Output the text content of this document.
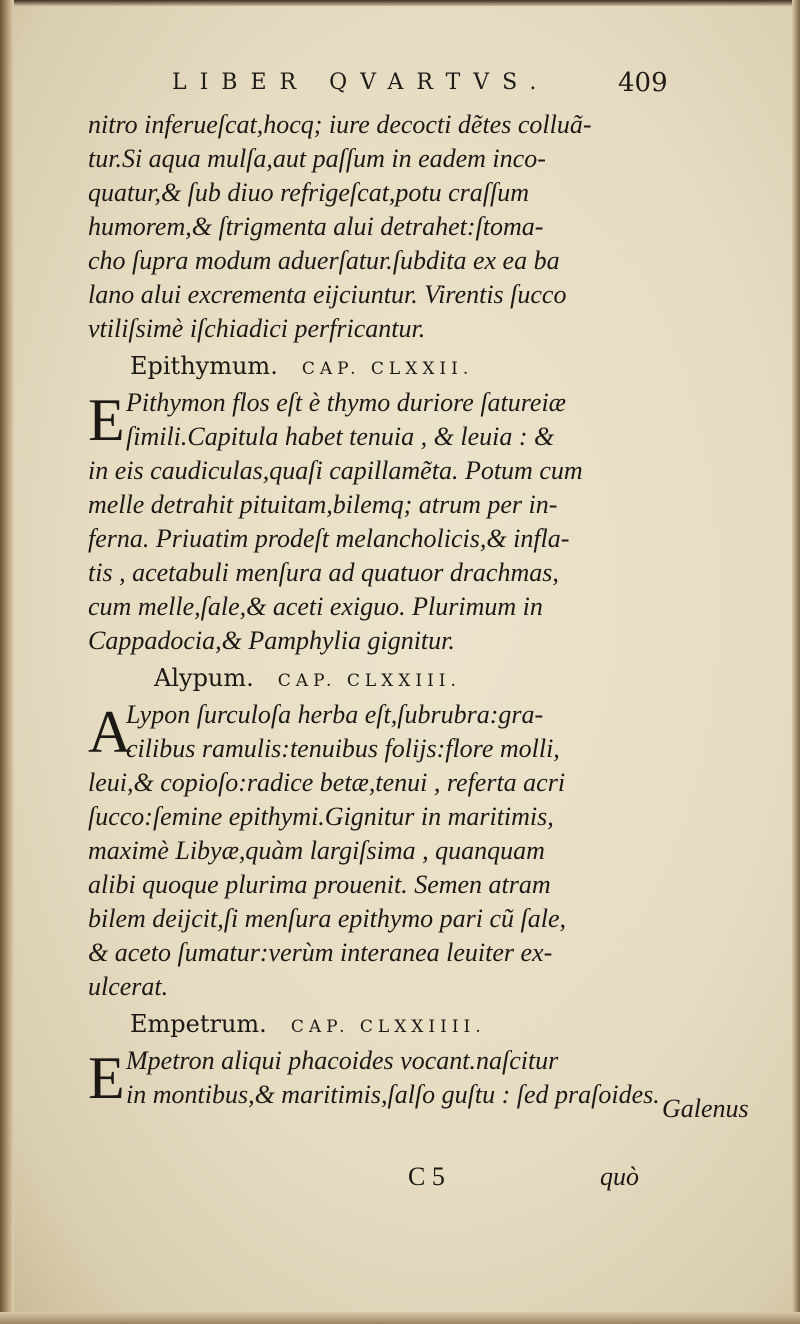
LIBER QVARTVS.	409
nitro inferueſcat,hocq; iure decocti dẽtes colluã-
tur.Si aqua mulſa,aut paſſum in eadem inco-
quatur,& ſub diuo refrigeſcat,potu craſſum
humorem,& ſtrigmenta alui detrahet:ſtoma-
cho ſupra modum aduerſatur.ſubdita ex ea ba
lano alui excrementa eijciuntur. Virentis ſucco
vtiliſsimè iſchiadici perfricantur.
Epithymum. CAP. CLXXII.
E Pithymon flos eſt è thymo duriore ſatureiæ
ſimili.Capitula habet tenuia , & leuia : &
in eis caudiculas,quaſi capillamẽta. Potum cum
melle detrahit pituitam,bilemq; atrum per in-
ferna. Priuatim prodeſt melancholicis,& infla-
tis , acetabuli menſura ad quatuor drachmas,
cum melle,ſale,& aceti exiguo. Plurimum in
Cappadocia,& Pamphylia gignitur.
Alypum. CAP. CLXXIII.
A
Lypon ſurculoſa herba eſt,ſubrubra:gra-
cilibus ramulis:tenuibus folijs:flore molli,
leui,& copioſo:radice betæ,tenui , referta acri
ſucco:ſemine epithymi.Gignitur in maritimis,
maximè Libyæ,quàm largiſsima , quanquam
alibi quoque plurima prouenit. Semen atram
bilem deijcit,ſi menſura epithymo pari cũ ſale,
& aceto ſumatur:verùm interanea leuiter ex-
ulcerat.
Empetrum. CAP. CLXXIIII.
E Mpetron aliqui phacoides vocant.naſcitur
in montibus,& maritimis,ſalſo guſtu : ſed praſoides. Galenus
C 5	quò
